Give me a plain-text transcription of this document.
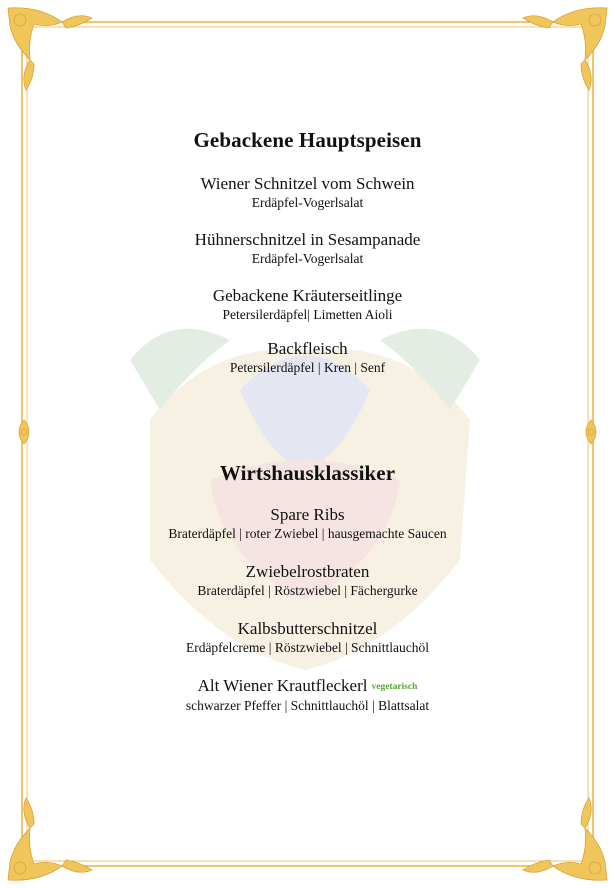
Gebackene Hauptspeisen
Wiener Schnitzel vom Schwein
Erdäpfel-Vogerlsalat
Hühnerschnitzel in Sesampanade
Erdäpfel-Vogerlsalat
Gebackene Kräuterseitlinge
Petersilerdäpfel| Limetten Aioli
Backfleisch
Petersilerdäpfel | Kren | Senf
Wirtshausklassiker
Spare Ribs
Braterdäpfel | roter Zwiebel | hausgemachte Saucen
Zwiebelrostbraten
Braterdäpfel | Röstzwiebel | Fächergurke
Kalbsbutterschnitzel
Erdäpfelcreme | Röstzwiebel | Schnittlauchöl
Alt Wiener Krautfleckerl vegetarisch
schwarzer Pfeffer | Schnittlauchöl | Blattsalat
